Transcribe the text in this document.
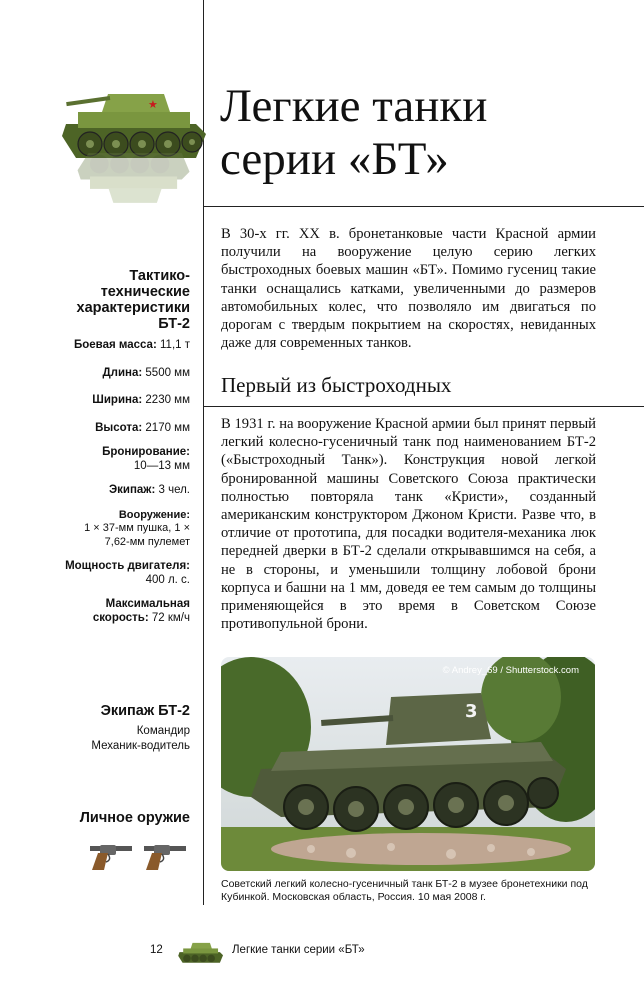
★ Легкие танки
серии «БТ»
В 30-х гг. XX в. бронетанковые части Красной армии получили на вооружение целую серию легких быстроходных боевых машин «БТ». Помимо гусениц такие танки оснащались катками, увеличенными до размеров автомобильных колес, что позволяло им двигаться по дорогам с твердым покрытием на скоростях, невиданных даже для современных танков.
Первый из быстроходных
В 1931 г. на вооружение Красной армии был принят первый легкий колесно-гусеничный танк под наименованием БТ-2 («Быстроходный Танк»). Конструкция новой легкой бронированной машины Советского Союза практически полностью повторяла танк «Кристи», созданный американским конструктором Джоном Кристи. Разве что, в отличие от прототипа, для посадки водителя-механика люк передней дверки в БТ-2 сделали открывавшимся на себя, а не в стороны, и уменьшили толщину лобовой брони корпуса и башни на 1 мм, доведя ее тем самым до толщины применяющейся в это время в Советском Союзе противопульной брони.
3
© Andrey_69 / Shutterstock.com
Советский легкий колесно-гусеничный танк БТ-2 в музее бронетехники под Кубинкой. Московская область, Россия. 10 мая 2008 г.
Тактико-технические характеристики БТ-2
Боевая масса: 11,1 т
Длина: 5500 мм
Ширина: 2230 мм
Высота: 2170 мм
Бронирование:
10—13 мм
Экипаж: 3 чел.
Вооружение:
1 × 37-мм пушка, 1 × 7,62-мм пулемет
Мощность двигателя: 400 л. с.
Максимальная скорость: 72 км/ч
Экипаж БТ-2
Командир
Механик-водитель
Личное оружие
12	Легкие танки серии «БТ»
